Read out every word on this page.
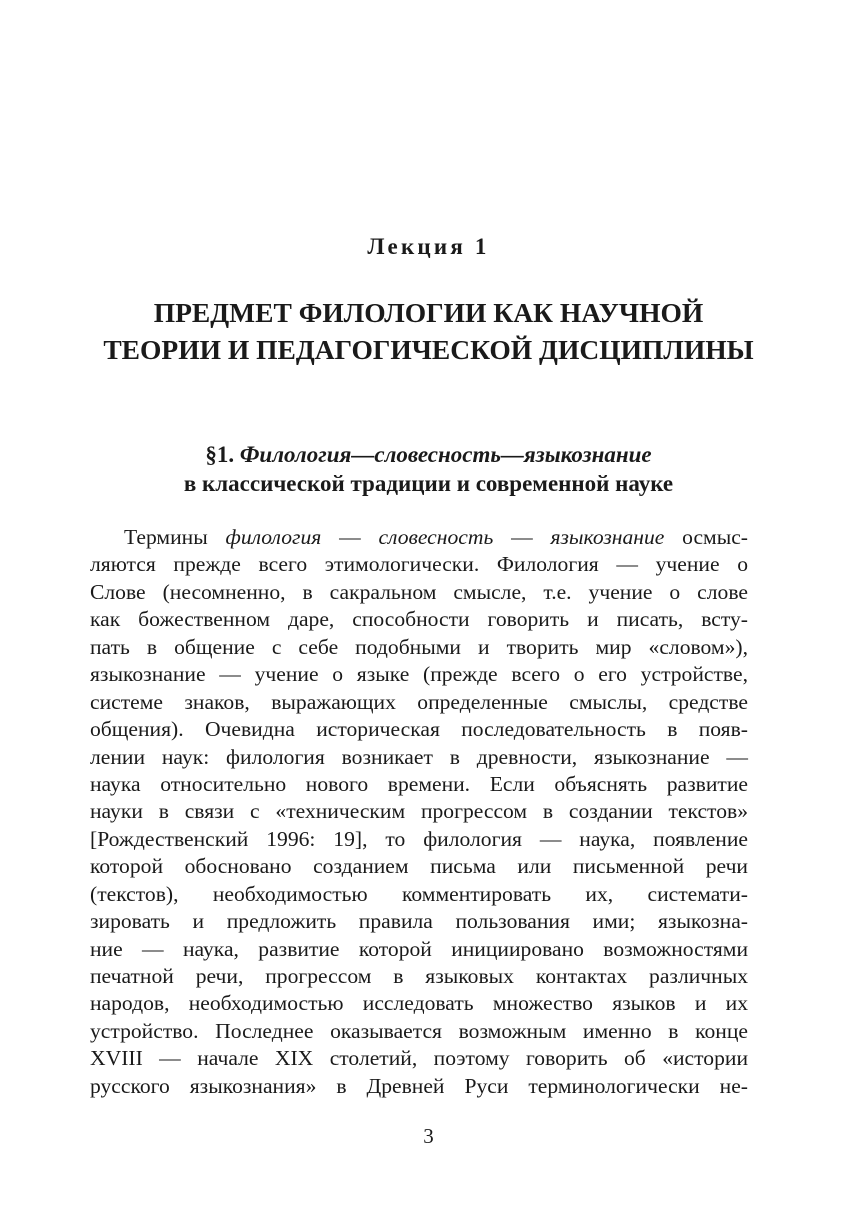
Лекция 1
ПРЕДМЕТ ФИЛОЛОГИИ КАК НАУЧНОЙ
ТЕОРИИ И ПЕДАГОГИЧЕСКОЙ ДИСЦИПЛИНЫ
§1. Филология—словесность—языкознание
в классической традиции и современной науке
Термины филология — словесность — языкознание осмыс-
ляются прежде всего этимологически. Филология — учение о
Слове (несомненно, в сакральном смысле, т.е. учение о слове
как божественном даре, способности говорить и писать, всту-
пать в общение с себе подобными и творить мир «словом»),
языкознание — учение о языке (прежде всего о его устройстве,
системе знаков, выражающих определенные смыслы, средстве
общения). Очевидна историческая последовательность в появ-
лении наук: филология возникает в древности, языкознание —
наука относительно нового времени. Если объяснять развитие
науки в связи с «техническим прогрессом в создании текстов»
[Рождественский 1996: 19], то филология — наука, появление
которой обосновано созданием письма или письменной речи
(текстов), необходимостью комментировать их, системати-
зировать и предложить правила пользования ими; языкозна-
ние — наука, развитие которой инициировано возможностями
печатной речи, прогрессом в языковых контактах различных
народов, необходимостью исследовать множество языков и их
устройство. Последнее оказывается возможным именно в конце
XVIII — начале XIX столетий, поэтому говорить об «истории
русского языкознания» в Древней Руси терминологически не-
3
